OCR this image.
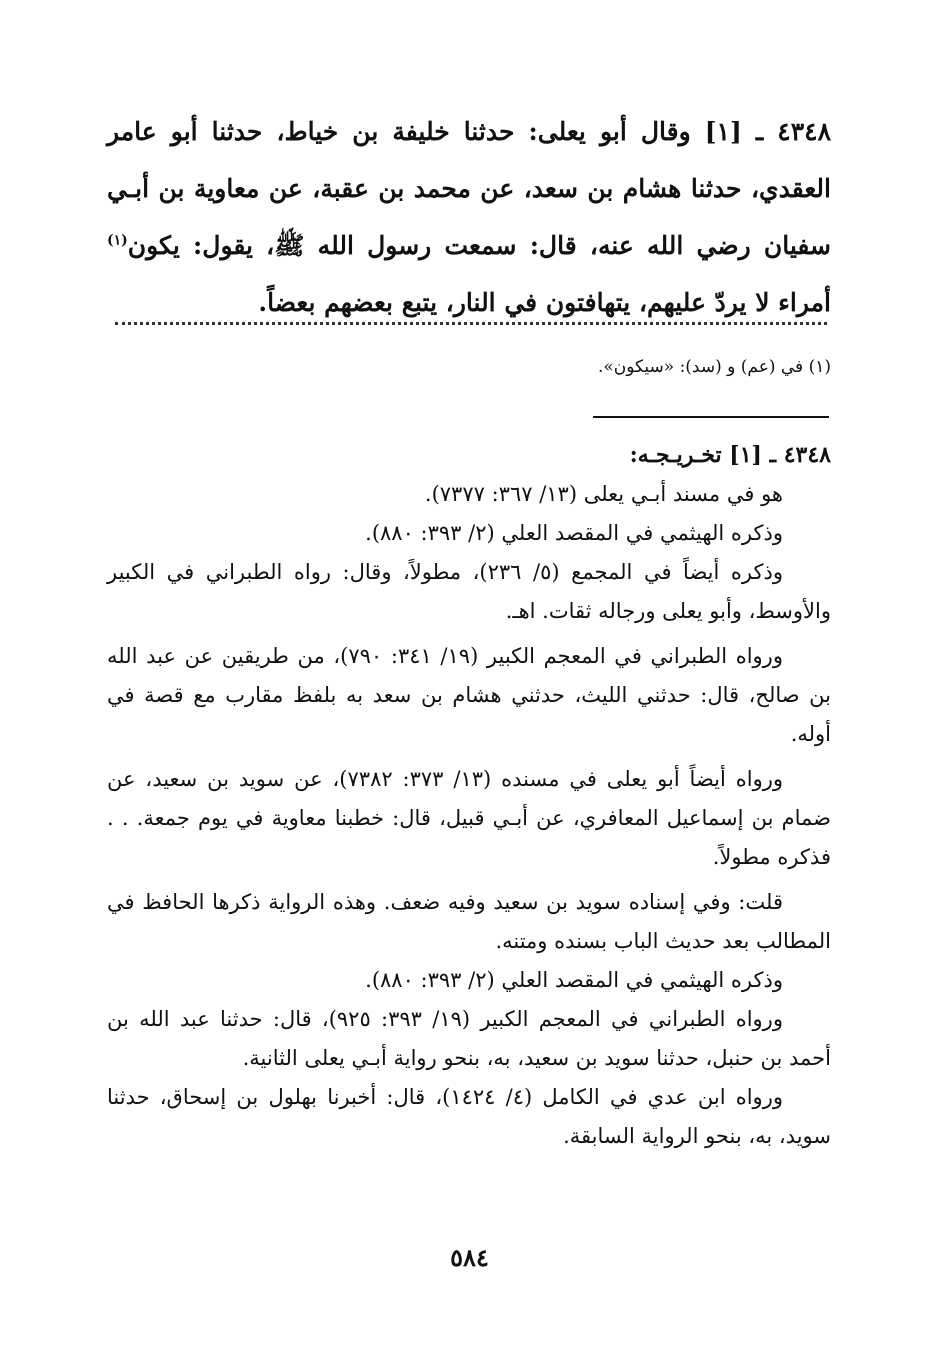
٤٣٤٨ ـ [١] وقال أبو يعلى: حدثنا خليفة بن خياط، حدثنا أبو عامر العقدي، حدثنا هشام بن سعد، عن محمد بن عقبة، عن معاوية بن أبـي سفيان رضي الله عنه، قال: سمعت رسول الله ﷺ، يقول: يكون$^{(١)}$ أمراء لا يردّ عليهم، يتهافتون في النار، يتبع بعضهم بعضاً.
(١) في (عم) و (سد): «سيكون».

٤٣٤٨ ـ [١] تخـريـجـه:

هو في مسند أبـي يعلى (١٣/ ٣٦٧: ٧٣٧٧).

وذكره الهيثمي في المقصد العلي (٢/ ٣٩٣: ٨٨٠).

وذكره أيضاً في المجمع (٥/ ٢٣٦)، مطولاً، وقال: رواه الطبراني في الكبير والأوسط، وأبو يعلى ورجاله ثقات. اهـ.

ورواه الطبراني في المعجم الكبير (١٩/ ٣٤١: ٧٩٠)، من طريقين عن عبد الله بن صالح، قال: حدثني الليث، حدثني هشام بن سعد به بلفظ مقارب مع قصة في أوله.

ورواه أيضاً أبو يعلى في مسنده (١٣/ ٣٧٣: ٧٣٨٢)، عن سويد بن سعيد، عن ضمام بن إسماعيل المعافري، عن أبـي قبيل، قال: خطبنا معاوية في يوم جمعة. . . فذكره مطولاً.

قلت: وفي إسناده سويد بن سعيد وفيه ضعف. وهذه الرواية ذكرها الحافظ في المطالب بعد حديث الباب بسنده ومتنه.

وذكره الهيثمي في المقصد العلي (٢/ ٣٩٣: ٨٨٠).

ورواه الطبراني في المعجم الكبير (١٩/ ٣٩٣: ٩٢٥)، قال: حدثنا عبد الله بن أحمد بن حنبل، حدثنا سويد بن سعيد، به، بنحو رواية أبـي يعلى الثانية.

ورواه ابن عدي في الكامل (٤/ ١٤٢٤)، قال: أخبرنا بهلول بن إسحاق، حدثنا سويد، به، بنحو الرواية السابقة.

٥٨٤
